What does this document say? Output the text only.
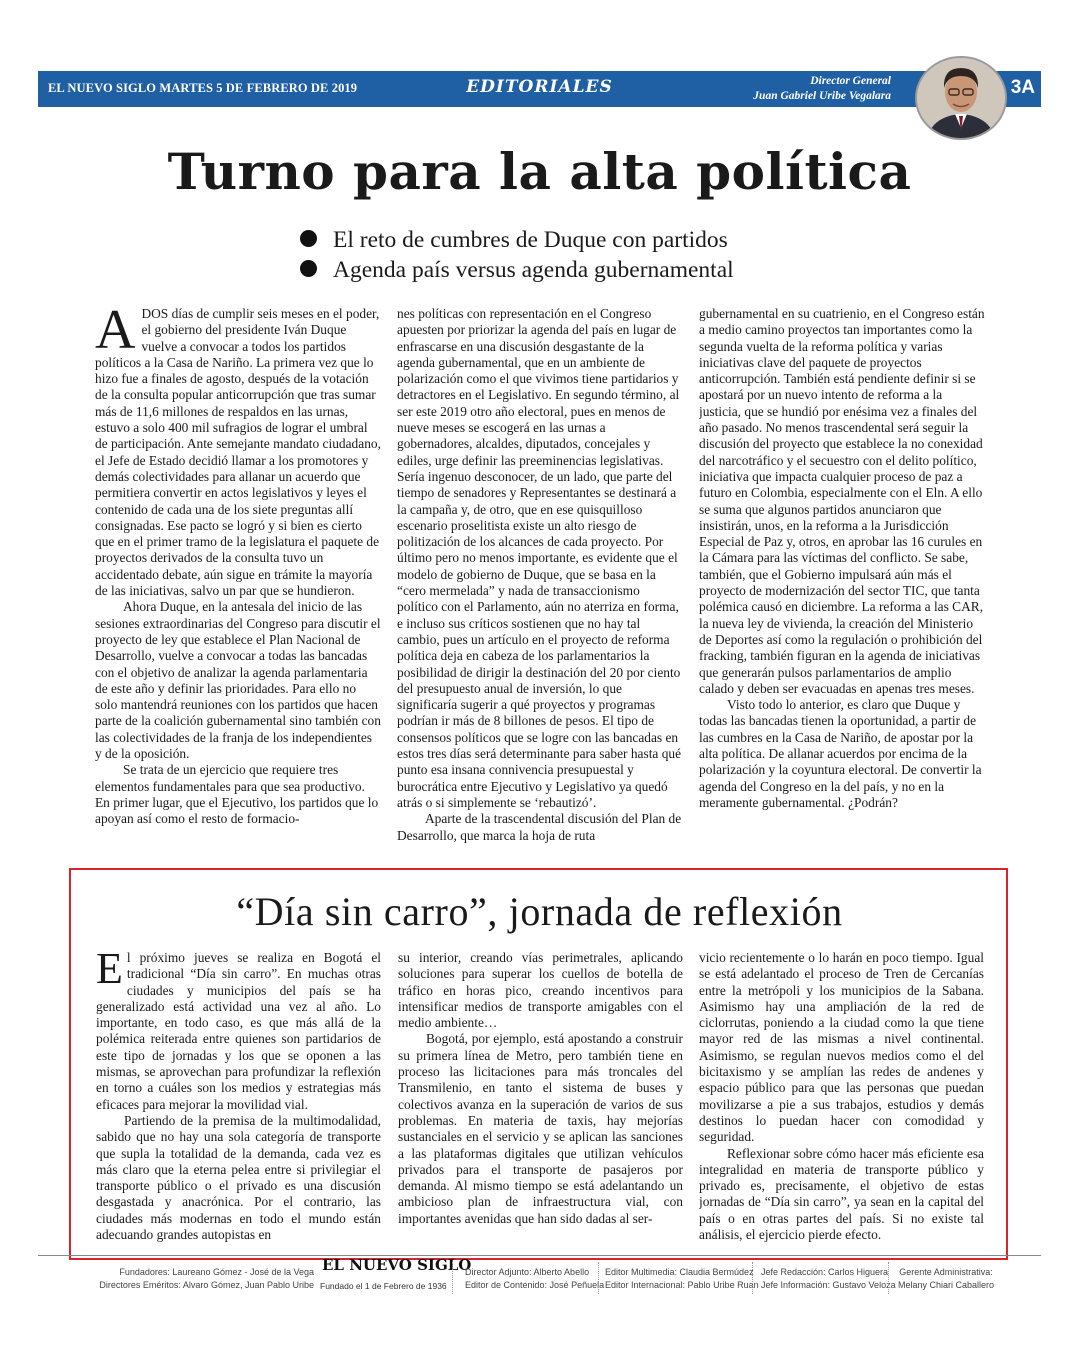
EL NUEVO SIGLO MARTES 5 DE FEBRERO DE 2019	EDITORIALES	Director General
Juan Gabriel Uribe Vegalara	3A
Turno para la alta política
El reto de cumbres de Duque con partidos
Agenda país versus agenda gubernamental

ADOS días de cumplir seis meses en el poder, el gobierno del presidente Iván Duque vuelve a convocar a todos los partidos políticos a la Casa de Nariño. La primera vez que lo hizo fue a finales de agosto, después de la votación de la consulta popular anticorrupción que tras sumar más de 11,6 millones de respaldos en las urnas, estuvo a solo 400 mil sufragios de lograr el umbral de participación. Ante semejante mandato ciudadano, el Jefe de Estado decidió llamar a los promotores y demás colectividades para allanar un acuerdo que permitiera convertir en actos legislativos y leyes el contenido de cada una de los siete preguntas allí consignadas. Ese pacto se logró y si bien es cierto que en el primer tramo de la legislatura el paquete de proyectos derivados de la consulta tuvo un accidentado debate, aún sigue en trámite la mayoría de las iniciativas, salvo un par que se hundieron.

Ahora Duque, en la antesala del inicio de las sesiones extraordinarias del Congreso para discutir el proyecto de ley que establece el Plan Nacional de Desarrollo, vuelve a convocar a todas las bancadas con el objetivo de analizar la agenda parlamentaria de este año y definir las prioridades. Para ello no solo mantendrá reuniones con los partidos que hacen parte de la coalición gubernamental sino también con las colectividades de la franja de los independientes y de la oposición.

Se trata de un ejercicio que requiere tres elementos fundamentales para que sea productivo. En primer lugar, que el Ejecutivo, los partidos que lo apoyan así como el resto de formacio-

nes políticas con representación en el Congreso apuesten por priorizar la agenda del país en lugar de enfrascarse en una discusión desgastante de la agenda gubernamental, que en un ambiente de polarización como el que vivimos tiene partidarios y detractores en el Legislativo. En segundo término, al ser este 2019 otro año electoral, pues en menos de nueve meses se escogerá en las urnas a gobernadores, alcaldes, diputados, concejales y ediles, urge definir las preeminencias legislativas. Sería ingenuo desconocer, de un lado, que parte del tiempo de senadores y Representantes se destinará a la campaña y, de otro, que en ese quisquilloso escenario proselitista existe un alto riesgo de politización de los alcances de cada proyecto. Por último pero no menos importante, es evidente que el modelo de gobierno de Duque, que se basa en la “cero mermelada” y nada de transaccionismo político con el Parlamento, aún no aterriza en forma, e incluso sus críticos sostienen que no hay tal cambio, pues un artículo en el proyecto de reforma política deja en cabeza de los parlamentarios la posibilidad de dirigir la destinación del 20 por ciento del presupuesto anual de inversión, lo que significaría sugerir a qué proyectos y programas podrían ir más de 8 billones de pesos. El tipo de consensos políticos que se logre con las bancadas en estos tres días será determinante para saber hasta qué punto esa insana connivencia presupuestal y burocrática entre Ejecutivo y Legislativo ya quedó atrás o si simplemente se ‘rebautizó’.

Aparte de la trascendental discusión del Plan de Desarrollo, que marca la hoja de ruta

gubernamental en su cuatrienio, en el Congreso están a medio camino proyectos tan importantes como la segunda vuelta de la reforma política y varias iniciativas clave del paquete de proyectos anticorrupción. También está pendiente definir si se apostará por un nuevo intento de reforma a la justicia, que se hundió por enésima vez a finales del año pasado. No menos trascendental será seguir la discusión del proyecto que establece la no conexidad del narcotráfico y el secuestro con el delito político, iniciativa que impacta cualquier proceso de paz a futuro en Colombia, especialmente con el Eln. A ello se suma que algunos partidos anunciaron que insistirán, unos, en la reforma a la Jurisdicción Especial de Paz y, otros, en aprobar las 16 curules en la Cámara para las víctimas del conflicto. Se sabe, también, que el Gobierno impulsará aún más el proyecto de modernización del sector TIC, que tanta polémica causó en diciembre. La reforma a las CAR, la nueva ley de vivienda, la creación del Ministerio de Deportes así como la regulación o prohibición del fracking, también figuran en la agenda de iniciativas que generarán pulsos parlamentarios de amplio calado y deben ser evacuadas en apenas tres meses.

Visto todo lo anterior, es claro que Duque y todas las bancadas tienen la oportunidad, a partir de las cumbres en la Casa de Nariño, de apostar por la alta política. De allanar acuerdos por encima de la polarización y la coyuntura electoral. De convertir la agenda del Congreso en la del país, y no en la meramente gubernamental. ¿Podrán?

“Día sin carro”, jornada de reflexión

El próximo jueves se realiza en Bogotá el tradicional “Día sin carro”. En muchas otras ciudades y municipios del país se ha generalizado está actividad una vez al año. Lo importante, en todo caso, es que más allá de la polémica reiterada entre quienes son partidarios de este tipo de jornadas y los que se oponen a las mismas, se aprovechan para profundizar la reflexión en torno a cuáles son los medios y estrategias más eficaces para mejorar la movilidad vial.

Partiendo de la premisa de la multimodalidad, sabido que no hay una sola categoría de transporte que supla la totalidad de la demanda, cada vez es más claro que la eterna pelea entre si privilegiar el transporte público o el privado es una discusión desgastada y anacrónica. Por el contrario, las ciudades más modernas en todo el mundo están adecuando grandes autopistas en

su interior, creando vías perimetrales, aplicando soluciones para superar los cuellos de botella de tráfico en horas pico, creando incentivos para intensificar medios de transporte amigables con el medio ambiente…

Bogotá, por ejemplo, está apostando a construir su primera línea de Metro, pero también tiene en proceso las licitaciones para más troncales del Transmilenio, en tanto el sistema de buses y colectivos avanza en la superación de varios de sus problemas. En materia de taxis, hay mejorías sustanciales en el servicio y se aplican las sanciones a las plataformas digitales que utilizan vehículos privados para el transporte de pasajeros por demanda. Al mismo tiempo se está adelantando un ambicioso plan de infraestructura vial, con importantes avenidas que han sido dadas al ser-

vicio recientemente o lo harán en poco tiempo. Igual se está adelantado el proceso de Tren de Cercanías entre la metrópoli y los municipios de la Sabana. Asimismo hay una ampliación de la red de ciclorrutas, poniendo a la ciudad como la que tiene mayor red de las mismas a nivel continental. Asimismo, se regulan nuevos medios como el del bicitaxismo y se amplían las redes de andenes y espacio público para que las personas que puedan movilizarse a pie a sus trabajos, estudios y demás destinos lo puedan hacer con comodidad y seguridad.

Reflexionar sobre cómo hacer más eficiente esa integralidad en materia de transporte público y privado es, precisamente, el objetivo de estas jornadas de “Día sin carro”, ya sean en la capital del país o en otras partes del país. Si no existe tal análisis, el ejercicio pierde efecto.

Fundadores: Laureano Gómez - José de la Vega
Directores Eméritos: Alvaro Gómez, Juan Pablo Uribe
EL NUEVO SIGLO
Fundado el 1 de Febrero de 1936
Director Adjunto: Alberto Abello
Editor de Contenido: José Peñuela
Editor Multimedia: Claudia Bermúdez
Editor Internacional: Pablo Uribe Ruan
Jefe Redacción: Carlos Higuera
Jefe Información: Gustavo Veloza
Gerente Administrativa:
Melany Chiari Caballero
